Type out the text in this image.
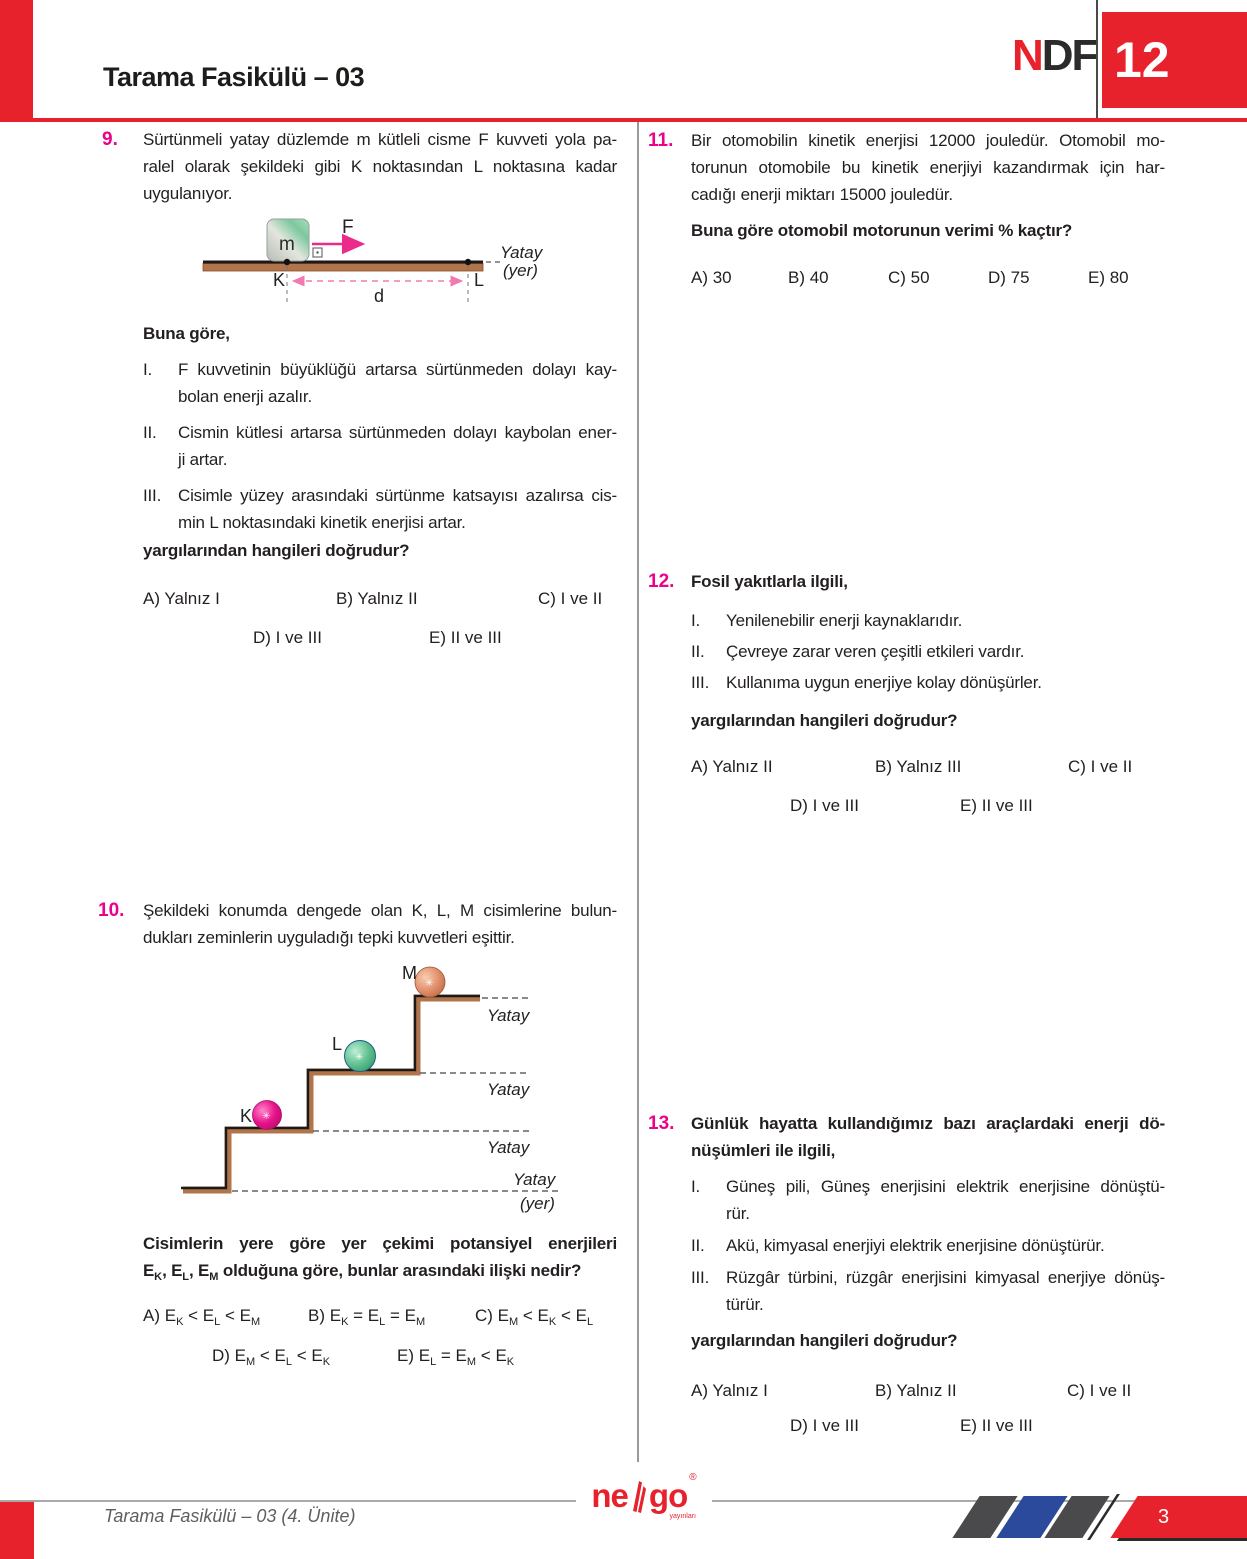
Tarama Fasikülü – 03	NDF 12
9. Sürtünmeli yatay düzlemde m kütleli cisme F kuvveti yola pa-
ralel olarak şekildeki gibi K noktasından L noktasına kadar
uygulanıyor.
m
F
K	L
d
Yatay
(yer)
Buna göre,
I. F kuvvetinin büyüklüğü artarsa sürtünmeden dolayı kay-
bolan enerji azalır.
II. Cismin kütlesi artarsa sürtünmeden dolayı kaybolan ener-
ji artar.
III. Cisimle yüzey arasındaki sürtünme katsayısı azalırsa cis-
min L noktasındaki kinetik enerjisi artar.
yargılarından hangileri doğrudur?
A) Yalnız I	B) Yalnız II	C) I ve II
D) I ve III	E) II ve III
10. Şekildeki konumda dengede olan K, L, M cisimlerine bulun-
dukları zeminlerin uyguladığı tepki kuvvetleri eşittir.
✳
✳
✳
M
L
K
Yatay
Yatay
Yatay
Yatay
(yer)
Cisimlerin yere göre yer çekimi potansiyel enerjileri
$E_K$, $E_L$, $E_M$ olduğuna göre, bunlar arasındaki ilişki nedir?
A) $E_K < E_L < E_M$	B) $E_K = E_L = E_M$	C) $E_M < E_K < E_L$
D) $E_M < E_L < E_K$	E) $E_L = E_M < E_K$
11. Bir otomobilin kinetik enerjisi 12000 jouledür. Otomobil mo-
torunun otomobile bu kinetik enerjiyi kazandırmak için har-
cadığı enerji miktarı 15000 jouledür.
Buna göre otomobil motorunun verimi % kaçtır?
A) 30	B) 40	C) 50	D) 75	E) 80
12. Fosil yakıtlarla ilgili,
I. Yenilenebilir enerji kaynaklarıdır.
II. Çevreye zarar veren çeşitli etkileri vardır.
III. Kullanıma uygun enerjiye kolay dönüşürler.
yargılarından hangileri doğrudur?
A) Yalnız II	B) Yalnız III	C) I ve II
D) I ve III	E) II ve III
13. Günlük hayatta kullandığımız bazı araçlardaki enerji dö-
nüşümleri ile ilgili,
I. Güneş pili, Güneş enerjisini elektrik enerjisine dönüştü-
rür.
II. Akü, kimyasal enerjiyi elektrik enerjisine dönüştürür.
III. Rüzgâr türbini, rüzgâr enerjisini kimyasal enerjiye dönüş-
türür.
yargılarından hangileri doğrudur?
A) Yalnız I	B) Yalnız II	C) I ve II
D) I ve III	E) II ve III
Tarama Fasikülü – 03 (4. Ünite)
ne go ®
yayınları	3
